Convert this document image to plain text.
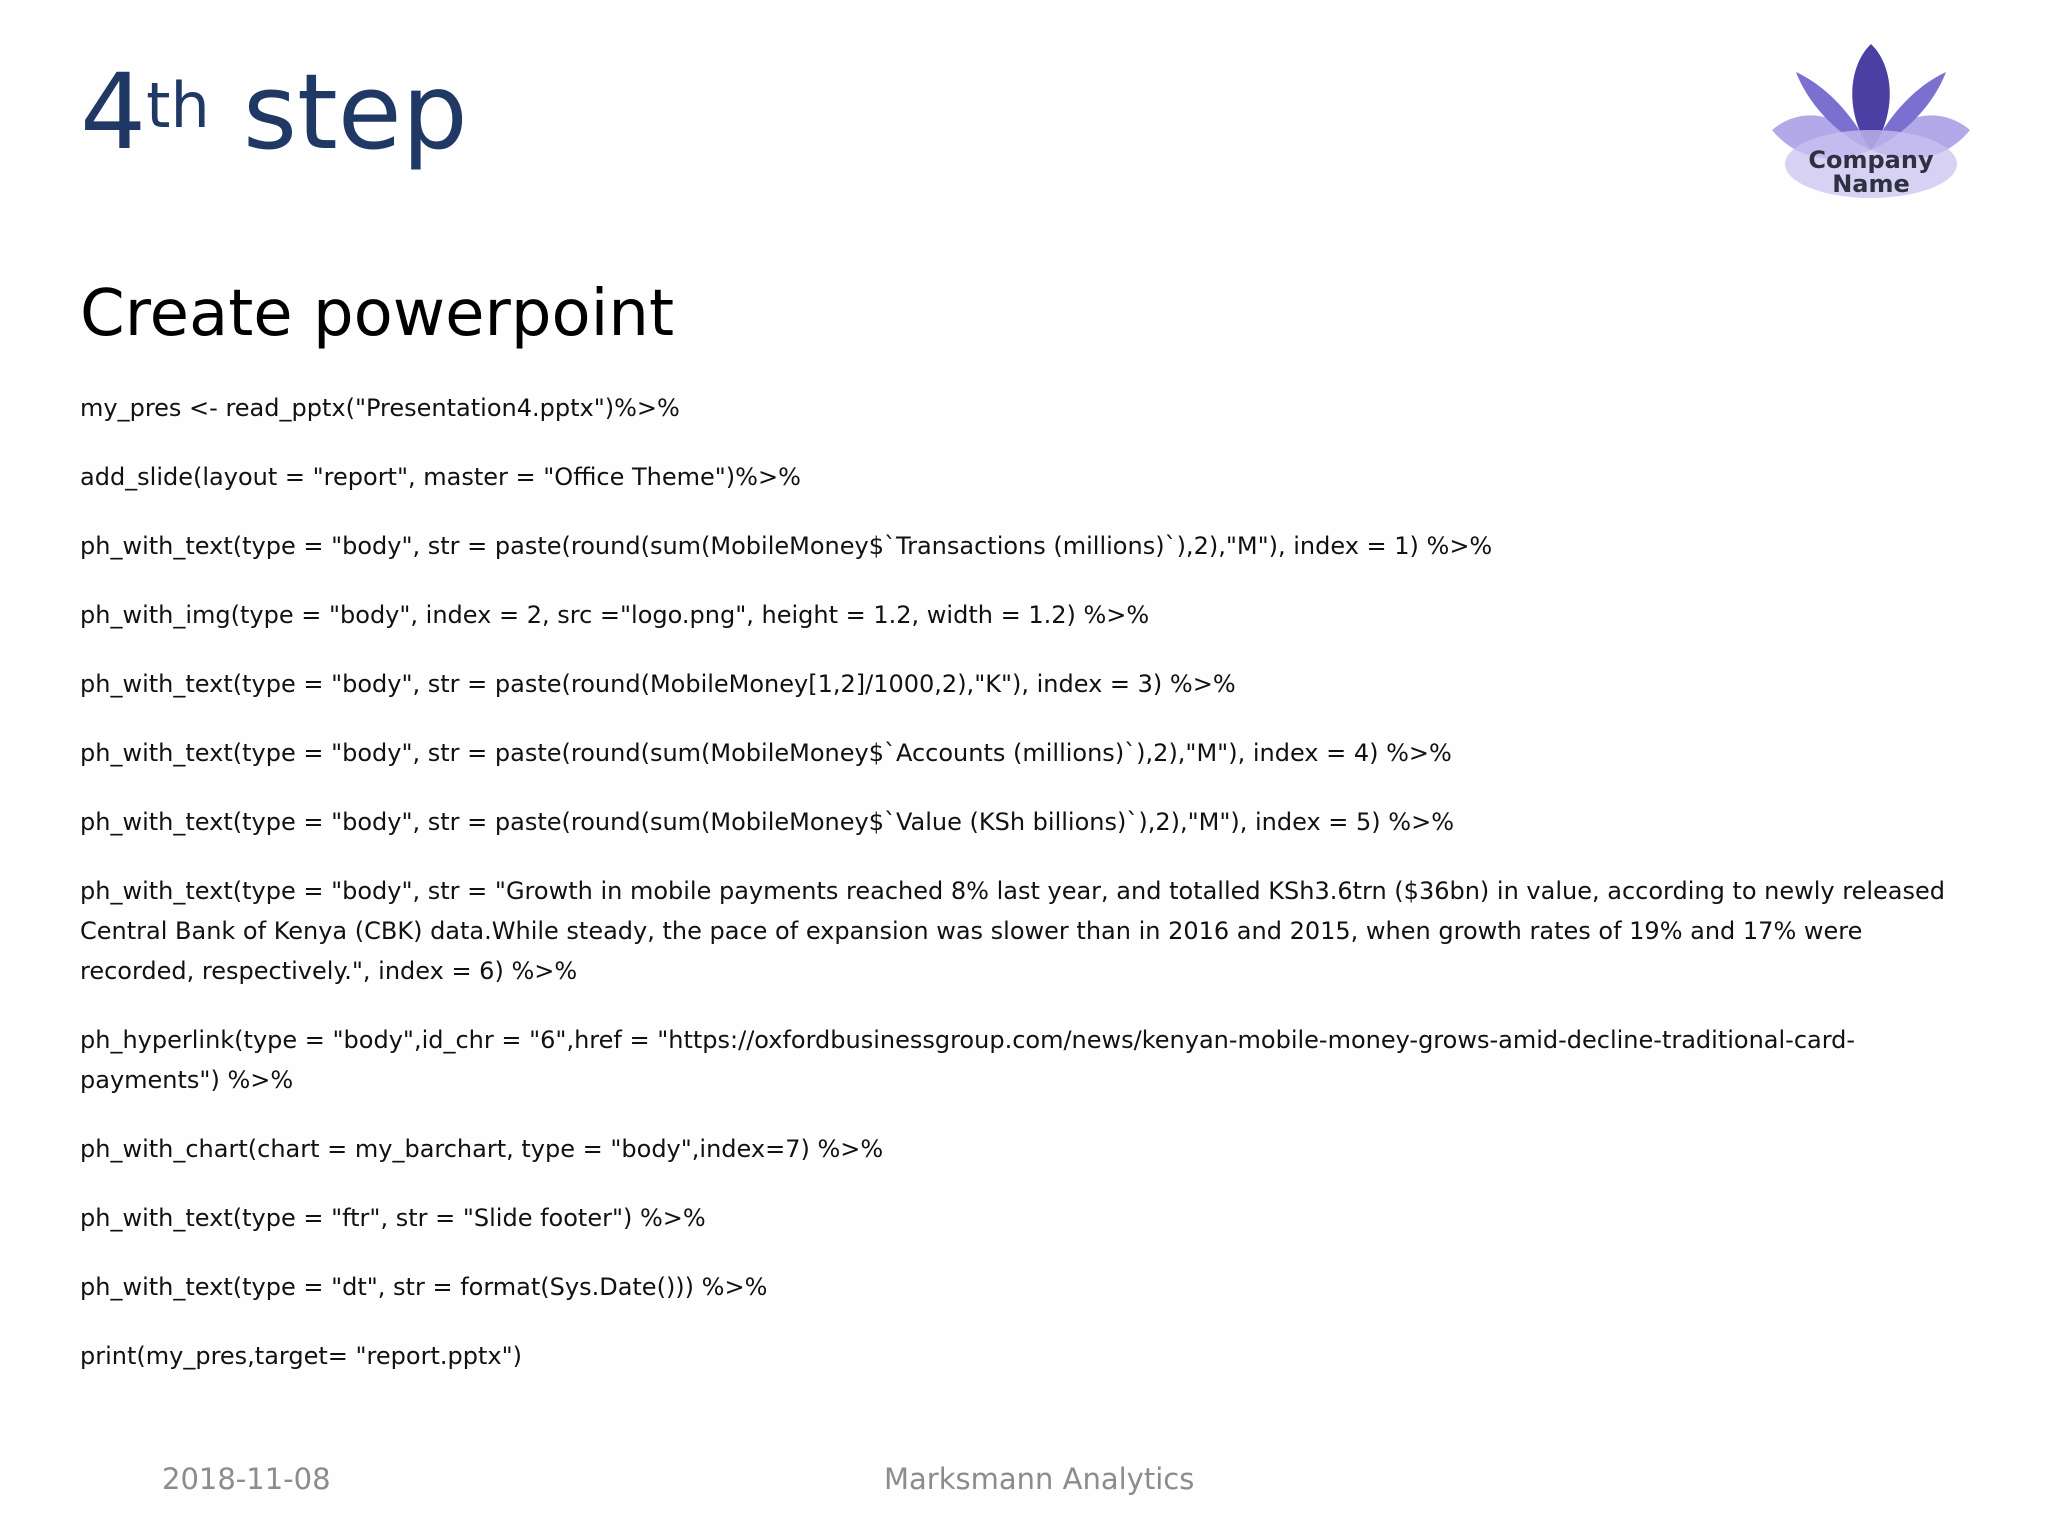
4th step	Company
Name
Create powerpoint
my_pres <- read_pptx("Presentation4.pptx")%>%
add_slide(layout = "report", master = "Office Theme")%>%
ph_with_text(type = "body", str = paste(round(sum(MobileMoney$`Transactions (millions)`),2),"M"), index = 1) %>%
ph_with_img(type = "body", index = 2, src ="logo.png", height = 1.2, width = 1.2) %>%
ph_with_text(type = "body", str = paste(round(MobileMoney[1,2]/1000,2),"K"), index = 3) %>%
ph_with_text(type = "body", str = paste(round(sum(MobileMoney$`Accounts (millions)`),2),"M"), index = 4) %>%
ph_with_text(type = "body", str = paste(round(sum(MobileMoney$`Value (KSh billions)`),2),"M"), index = 5) %>%
ph_with_text(type = "body", str = "Growth in mobile payments reached 8% last year, and totalled KSh3.6trn ($36bn) in value, according to newly released Central Bank of Kenya (CBK) data.While steady, the pace of expansion was slower than in 2016 and 2015, when growth rates of 19% and 17% were recorded, respectively.", index = 6) %>%
ph_hyperlink(type = "body",id_chr = "6",href = "https://oxfordbusinessgroup.com/news/kenyan-mobile-money-grows-amid-decline-traditional-card-payments") %>%
ph_with_chart(chart = my_barchart, type = "body",index=7) %>%
ph_with_text(type = "ftr", str = "Slide footer") %>%
ph_with_text(type = "dt", str = format(Sys.Date())) %>%
print(my_pres,target= "report.pptx")
2018-11-08	Marksmann Analytics
